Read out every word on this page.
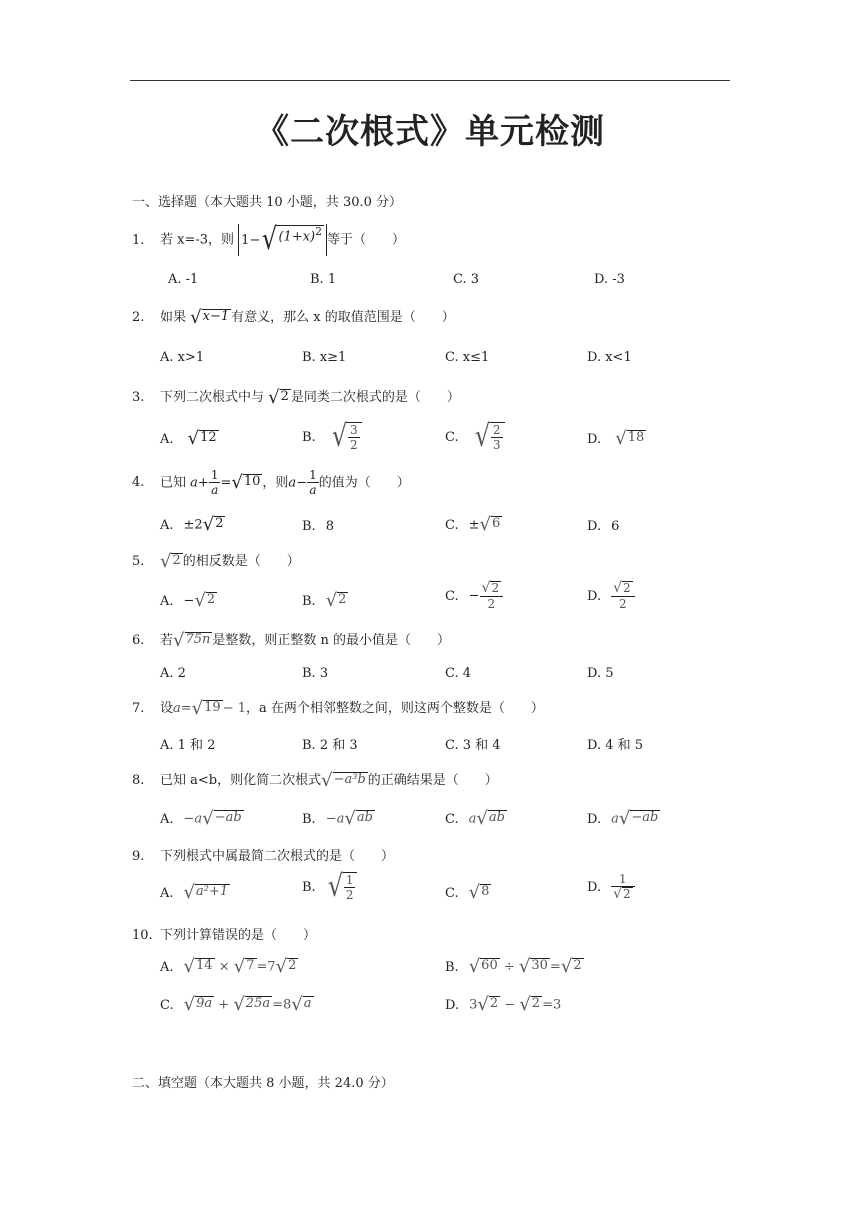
《二次根式》单元检测
一、选择题（本大题共 10 小题，共 30.0 分）
1. 若 x=-3，则 1 − √ $(1+x)^2$
等于（　　）
A. -1	B. 1	C. 3	D. -3
2. 如果 √ x−1 有意义，那么 x 的取值范围是（　　）
A. x>1	B. x≥1	C. x≤1	D. x<1
3. 下列二次根式中与 √ 2 是同类二次根式的是（　　）
A. √ 12	B. √ $\frac{3}{2}$	C. √ $\frac{2}{3}$	D. √ 18
4. 已知 $a+ \frac{1}{a}$ = √ 10 ，则$a- \frac{1}{a}$ 的值为（　　）
A. ±2 √ 2	B. 8	C. ± √ 6	D. 6
5. √ 2 的相反数是（　　）
A. − √ 2	B. √ 2	C. − $\frac{√ 2}{2}$	D. $\frac{√ 2}{2}$
6. 若 √ 75n 是整数，则正整数 n 的最小值是（　　）
A. 2	B. 3	C. 4	D. 5
7. 设a= √ 19 − 1，a 在两个相邻整数之间，则这两个整数是（　　）
A. 1 和 2	B. 2 和 3	C. 3 和 4	D. 4 和 5
8. 已知 a<b，则化简二次根式 √ −a³b 的正确结果是（　　）
A. −a √ −ab	B. −a √ ab	C. a √ ab	D. a √ −ab
9. 下列根式中属最简二次根式的是（　　）
A. √ a²+1	B. √ $\frac{1}{2}$	C. √ 8	D. $\frac{1}{√ 2}$
10. 下列计算错误的是（　　）
A. √ 14 × √ 7 =7 √ 2	B. √ 60 ÷ √ 30 = √ 2
C. √ 9a + √ 25a =8 √ a	D. 3 √ 2 − √ 2 =3
二、填空题（本大题共 8 小题，共 24.0 分）
